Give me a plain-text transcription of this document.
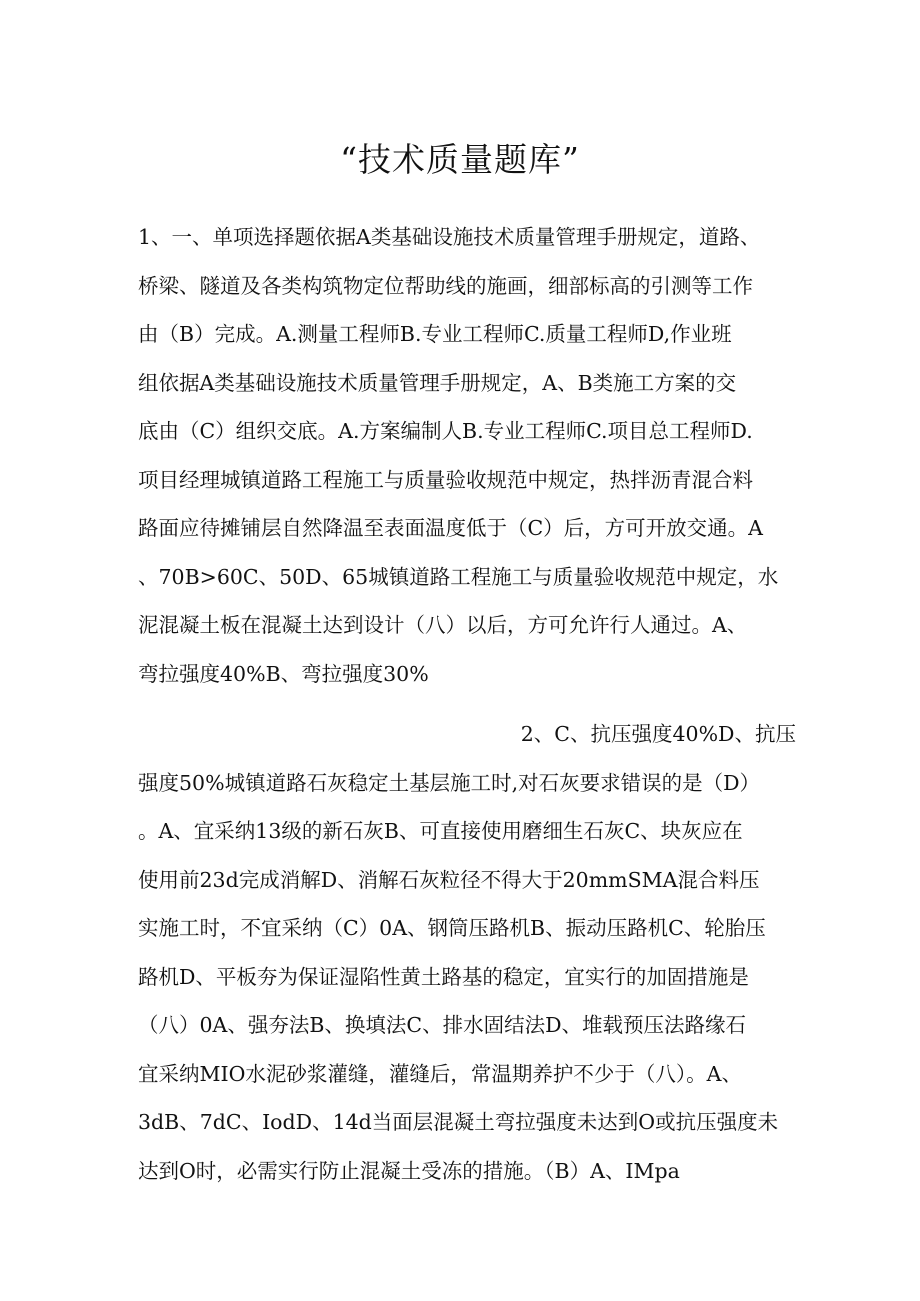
“技术质量题库”
1、一、单项选择题依据A类基础设施技术质量管理手册规定，道路、
桥梁、隧道及各类构筑物定位帮助线的施画，细部标高的引测等工作
由（B）完成。A.测量工程师B.专业工程师C.质量工程师D,作业班
组依据A类基础设施技术质量管理手册规定，A、B类施工方案的交
底由（C）组织交底。A.方案编制人B.专业工程师C.项目总工程师D.
项目经理城镇道路工程施工与质量验收规范中规定，热拌沥青混合料
路面应待摊铺层自然降温至表面温度低于（C）后，方可开放交通。A
、70B>60C、50D、65城镇道路工程施工与质量验收规范中规定，水
泥混凝土板在混凝土达到设计（八）以后，方可允许行人通过。A、
弯拉强度40%B、弯拉强度30%
2、C、抗压强度40%D、抗压
强度50%城镇道路石灰稳定土基层施工时,对石灰要求错误的是（D）
。A、宜采纳13级的新石灰B、可直接使用磨细生石灰C、块灰应在
使用前23d完成消解D、消解石灰粒径不得大于20mmSMA混合料压
实施工时，不宜采纳（C）0A、钢筒压路机B、振动压路机C、轮胎压
路机D、平板夯为保证湿陷性黄土路基的稳定，宜实行的加固措施是
（八）0A、强夯法B、换填法C、排水固结法D、堆载预压法路缘石
宜采纳MIO水泥砂浆灌缝，灌缝后，常温期养护不少于（八）。A、
3dB、7dC、IodD、14d当面层混凝土弯拉强度未达到O或抗压强度未
达到O时，必需实行防止混凝土受冻的措施。（B）A、IMpa
